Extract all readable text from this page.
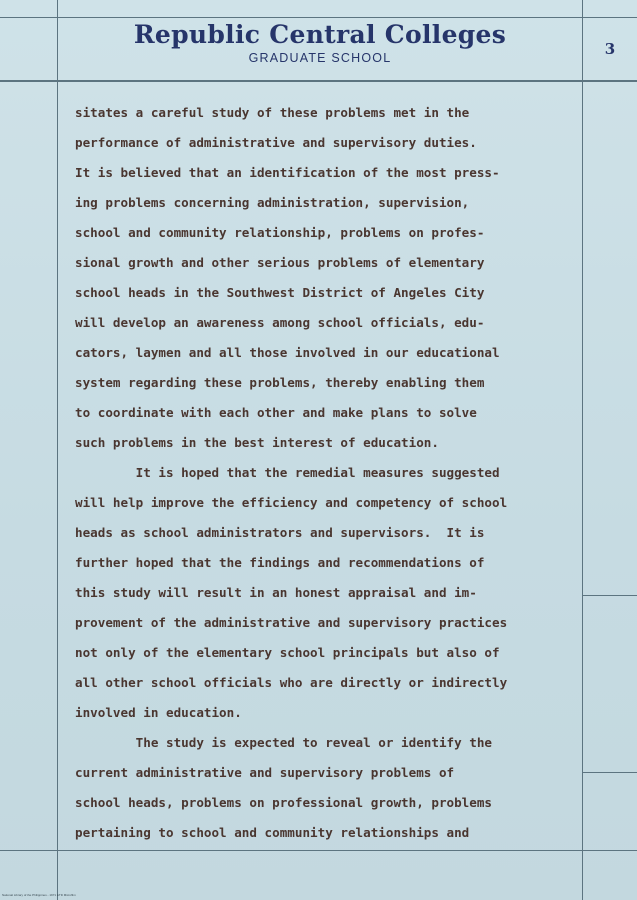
Republic Central Colleges
GRADUATE SCHOOL	3
sitates a careful study of these problems met in the
performance of administrative and supervisory duties.
It is believed that an identification of the most press-
ing problems concerning administration, supervision,
school and community relationship, problems on profes-
sional growth and other serious problems of elementary
school heads in the Southwest District of Angeles City
will develop an awareness among school officials, edu-
cators, laymen and all those involved in our educational
system regarding these problems, thereby enabling them
to coordinate with each other and make plans to solve
such problems in the best interest of education.
It is hoped that the remedial measures suggested
will help improve the efficiency and competency of school
heads as school administrators and supervisors.  It is
further hoped that the findings and recommendations of
this study will result in an honest appraisal and im-
provement of the administrative and supervisory practices
not only of the elementary school principals but also of
all other school officials who are directly or indirectly
involved in education.
The study is expected to reveal or identify the
current administrative and supervisory problems of
school heads, problems on professional growth, problems
pertaining to school and community relationships and
National Library of the Philippines - 1971 ETD Microfilm
